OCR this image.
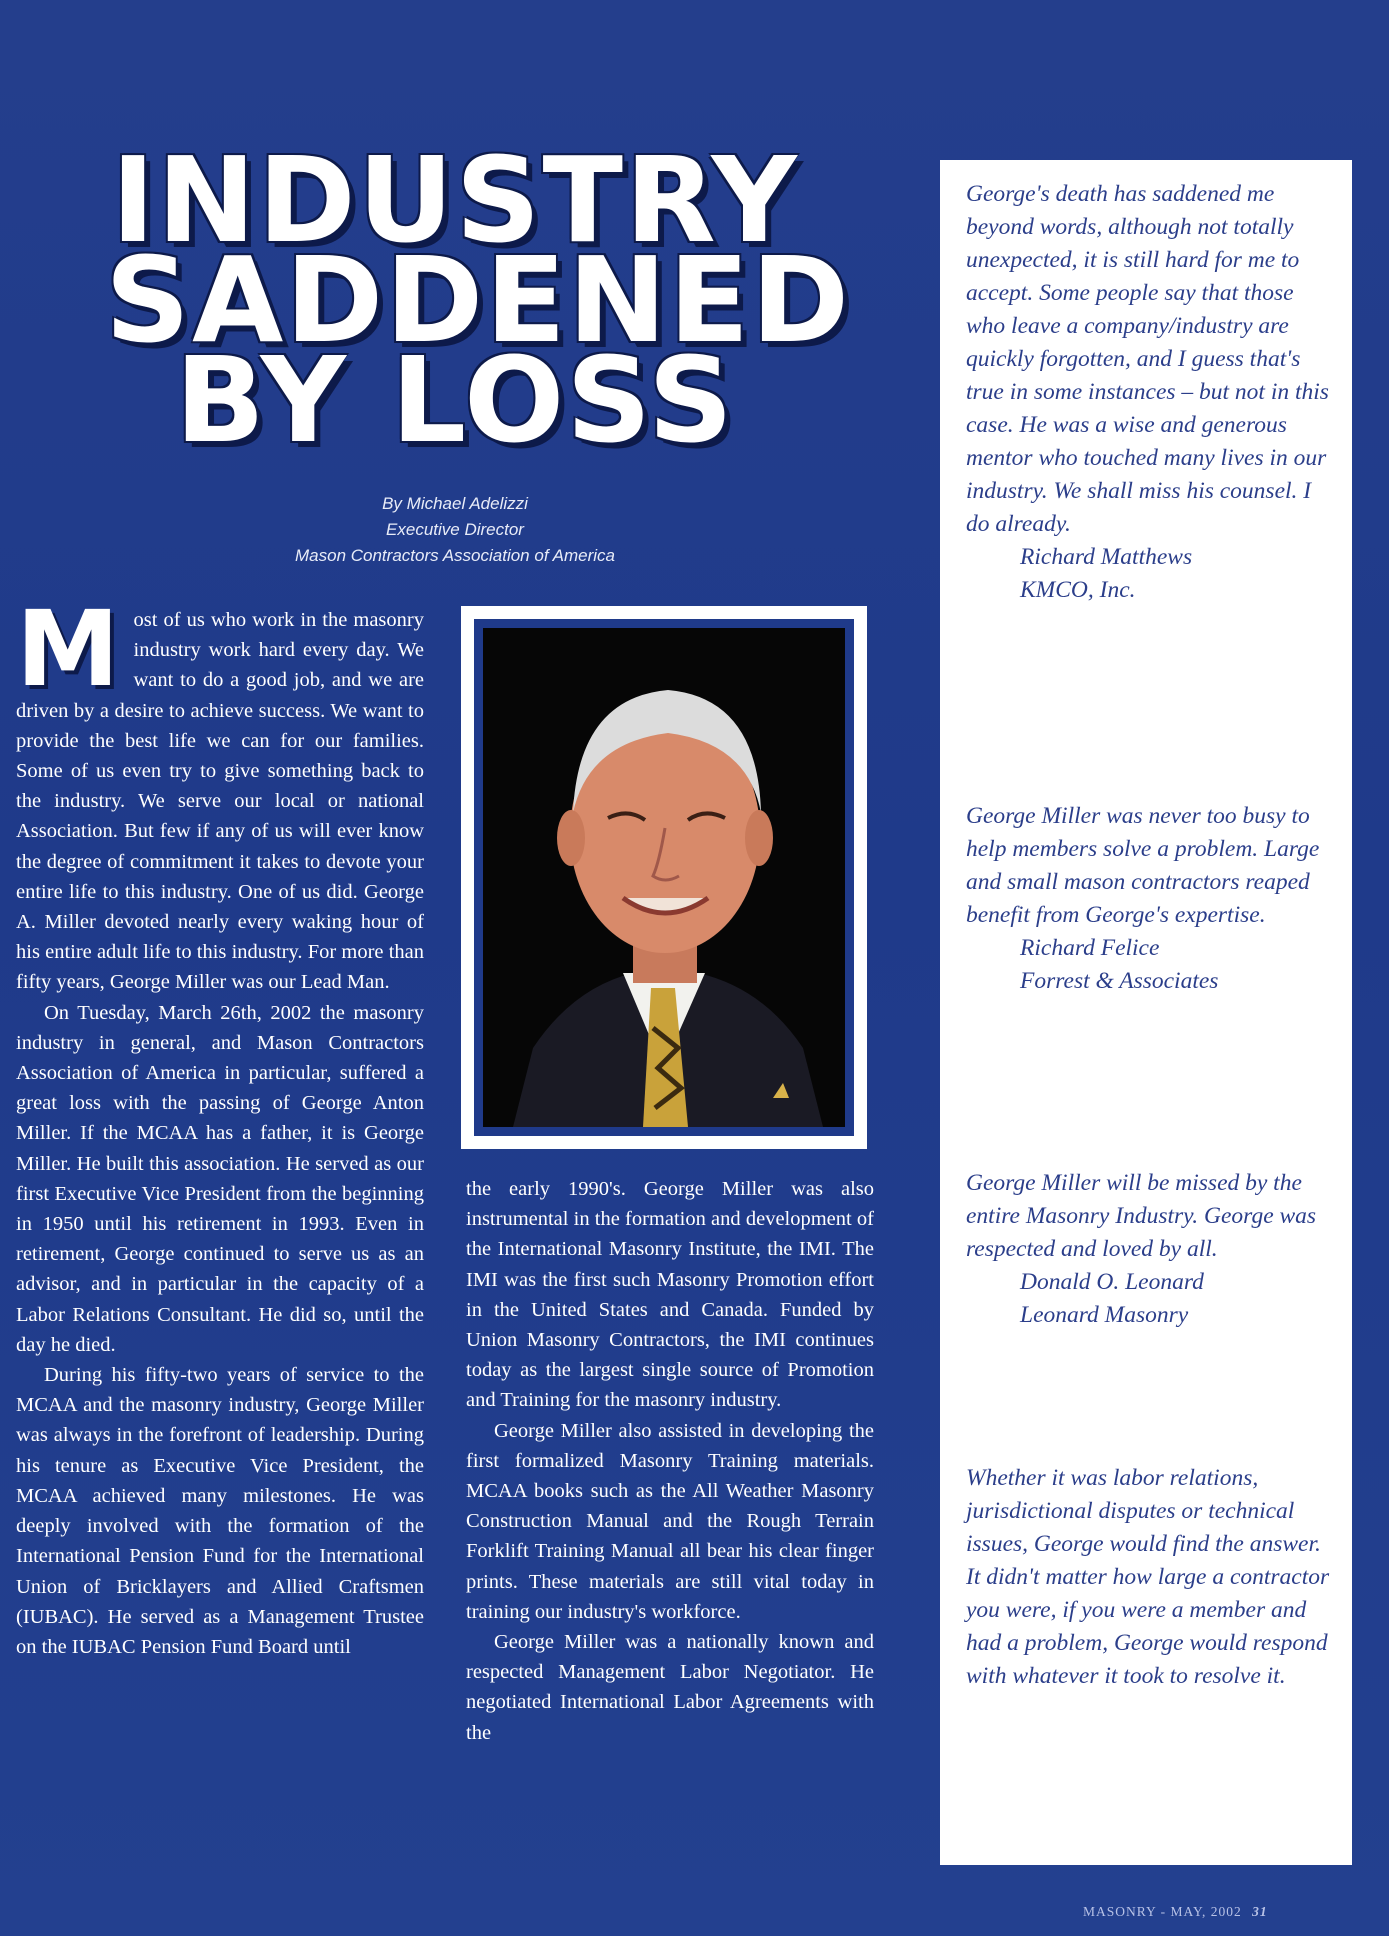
INDUSTRY
SADDENED
BY LOSS
By Michael Adelizzi
Executive Director
Mason Contractors Association of America

Most of us who work in the masonry industry work hard every day. We want to do a good job, and we are driven by a desire to achieve success. We want to provide the best life we can for our families. Some of us even try to give something back to the industry. We serve our local or national Association. But few if any of us will ever know the degree of commitment it takes to devote your entire life to this industry. One of us did. George A. Miller devoted nearly every waking hour of his entire adult life to this industry. For more than fifty years, George Miller was our Lead Man.

On Tuesday, March 26th, 2002 the masonry industry in general, and Mason Contractors Association of America in particular, suffered a great loss with the passing of George Anton Miller. If the MCAA has a father, it is George Miller. He built this association. He served as our first Executive Vice President from the beginning in 1950 until his retirement in 1993. Even in retirement, George continued to serve us as an advisor, and in particular in the capacity of a Labor Relations Consultant. He did so, until the day he died.

During his fifty-two years of service to the MCAA and the masonry industry, George Miller was always in the forefront of leadership. During his tenure as Executive Vice President, the MCAA achieved many milestones. He was deeply involved with the formation of the International Pension Fund for the International Union of Bricklayers and Allied Craftsmen (IUBAC). He served as a Management Trustee on the IUBAC Pension Fund Board until

the early 1990's. George Miller was also instrumental in the formation and development of the International Masonry Institute, the IMI. The IMI was the first such Masonry Promotion effort in the United States and Canada. Funded by Union Masonry Contractors, the IMI continues today as the largest single source of Promotion and Training for the masonry industry.

George Miller also assisted in developing the first formalized Masonry Training materials. MCAA books such as the All Weather Masonry Construction Manual and the Rough Terrain Forklift Training Manual all bear his clear finger prints. These materials are still vital today in training our industry's workforce.

George Miller was a nationally known and respected Management Labor Negotiator. He negotiated International Labor Agreements with the

George's death has saddened me beyond words, although not totally unexpected, it is still hard for me to accept. Some people say that those who leave a company/industry are quickly forgotten, and I guess that's true in some instances – but not in this case. He was a wise and generous mentor who touched many lives in our industry. We shall miss his counsel. I do already.

Richard Matthews

KMCO, Inc.

George Miller was never too busy to help members solve a problem. Large and small mason contractors reaped benefit from George's expertise.

Richard Felice

Forrest & Associates

George Miller will be missed by the entire Masonry Industry. George was respected and loved by all.

Donald O. Leonard

Leonard Masonry

Whether it was labor relations, jurisdictional disputes or technical issues, George would find the answer. It didn't matter how large a contractor you were, if you were a member and had a problem, George would respond with whatever it took to resolve it.

MASONRY - MAY, 2002 31
